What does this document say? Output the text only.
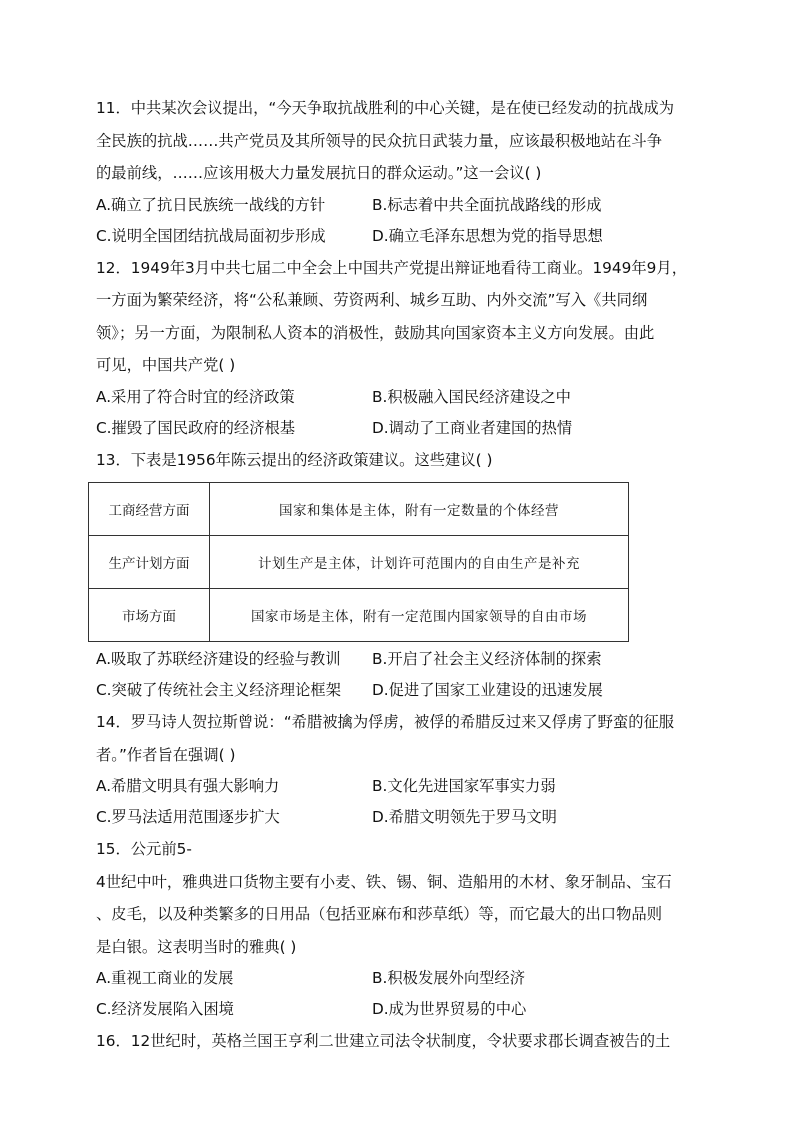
11．中共某次会议提出，“今天争取抗战胜利的中心关键，是在使已经发动的抗战成为
全民族的抗战……共产党员及其所领导的民众抗日武装力量，应该最积极地站在斗争
的最前线，……应该用极大力量发展抗日的群众运动。”这一会议( )
A.确立了抗日民族统一战线的方针	B.标志着中共全面抗战路线的形成
C.说明全国团结抗战局面初步形成	D.确立毛泽东思想为党的指导思想
12．1949年3月中共七届二中全会上中国共产党提出辩证地看待工商业。1949年9月，
一方面为繁荣经济，将“公私兼顾、劳资两利、城乡互助、内外交流”写入《共同纲
领》；另一方面，为限制私人资本的消极性，鼓励其向国家资本主义方向发展。由此
可见，中国共产党( )
A.采用了符合时宜的经济政策	B.积极融入国民经济建设之中
C.摧毁了国民政府的经济根基	D.调动了工商业者建国的热情
13．下表是1956年陈云提出的经济政策建议。这些建议( )
工商经营方面	国家和集体是主体，附有一定数量的个体经营
生产计划方面	计划生产是主体，计划许可范围内的自由生产是补充
市场方面	国家市场是主体，附有一定范围内国家领导的自由市场
A.吸取了苏联经济建设的经验与教训	B.开启了社会主义经济体制的探索
C.突破了传统社会主义经济理论框架	D.促进了国家工业建设的迅速发展
14．罗马诗人贺拉斯曾说：“希腊被擒为俘虏，被俘的希腊反过来又俘虏了野蛮的征服
者。”作者旨在强调( )
A.希腊文明具有强大影响力	B.文化先进国家军事实力弱
C.罗马法适用范围逐步扩大	D.希腊文明领先于罗马文明
15．公元前5-
4世纪中叶，雅典进口货物主要有小麦、铁、锡、铜、造船用的木材、象牙制品、宝石
、皮毛，以及种类繁多的日用品（包括亚麻布和莎草纸）等，而它最大的出口物品则
是白银。这表明当时的雅典( )
A.重视工商业的发展	B.积极发展外向型经济
C.经济发展陷入困境	D.成为世界贸易的中心
16．12世纪时，英格兰国王亨利二世建立司法令状制度，令状要求郡长调查被告的土
